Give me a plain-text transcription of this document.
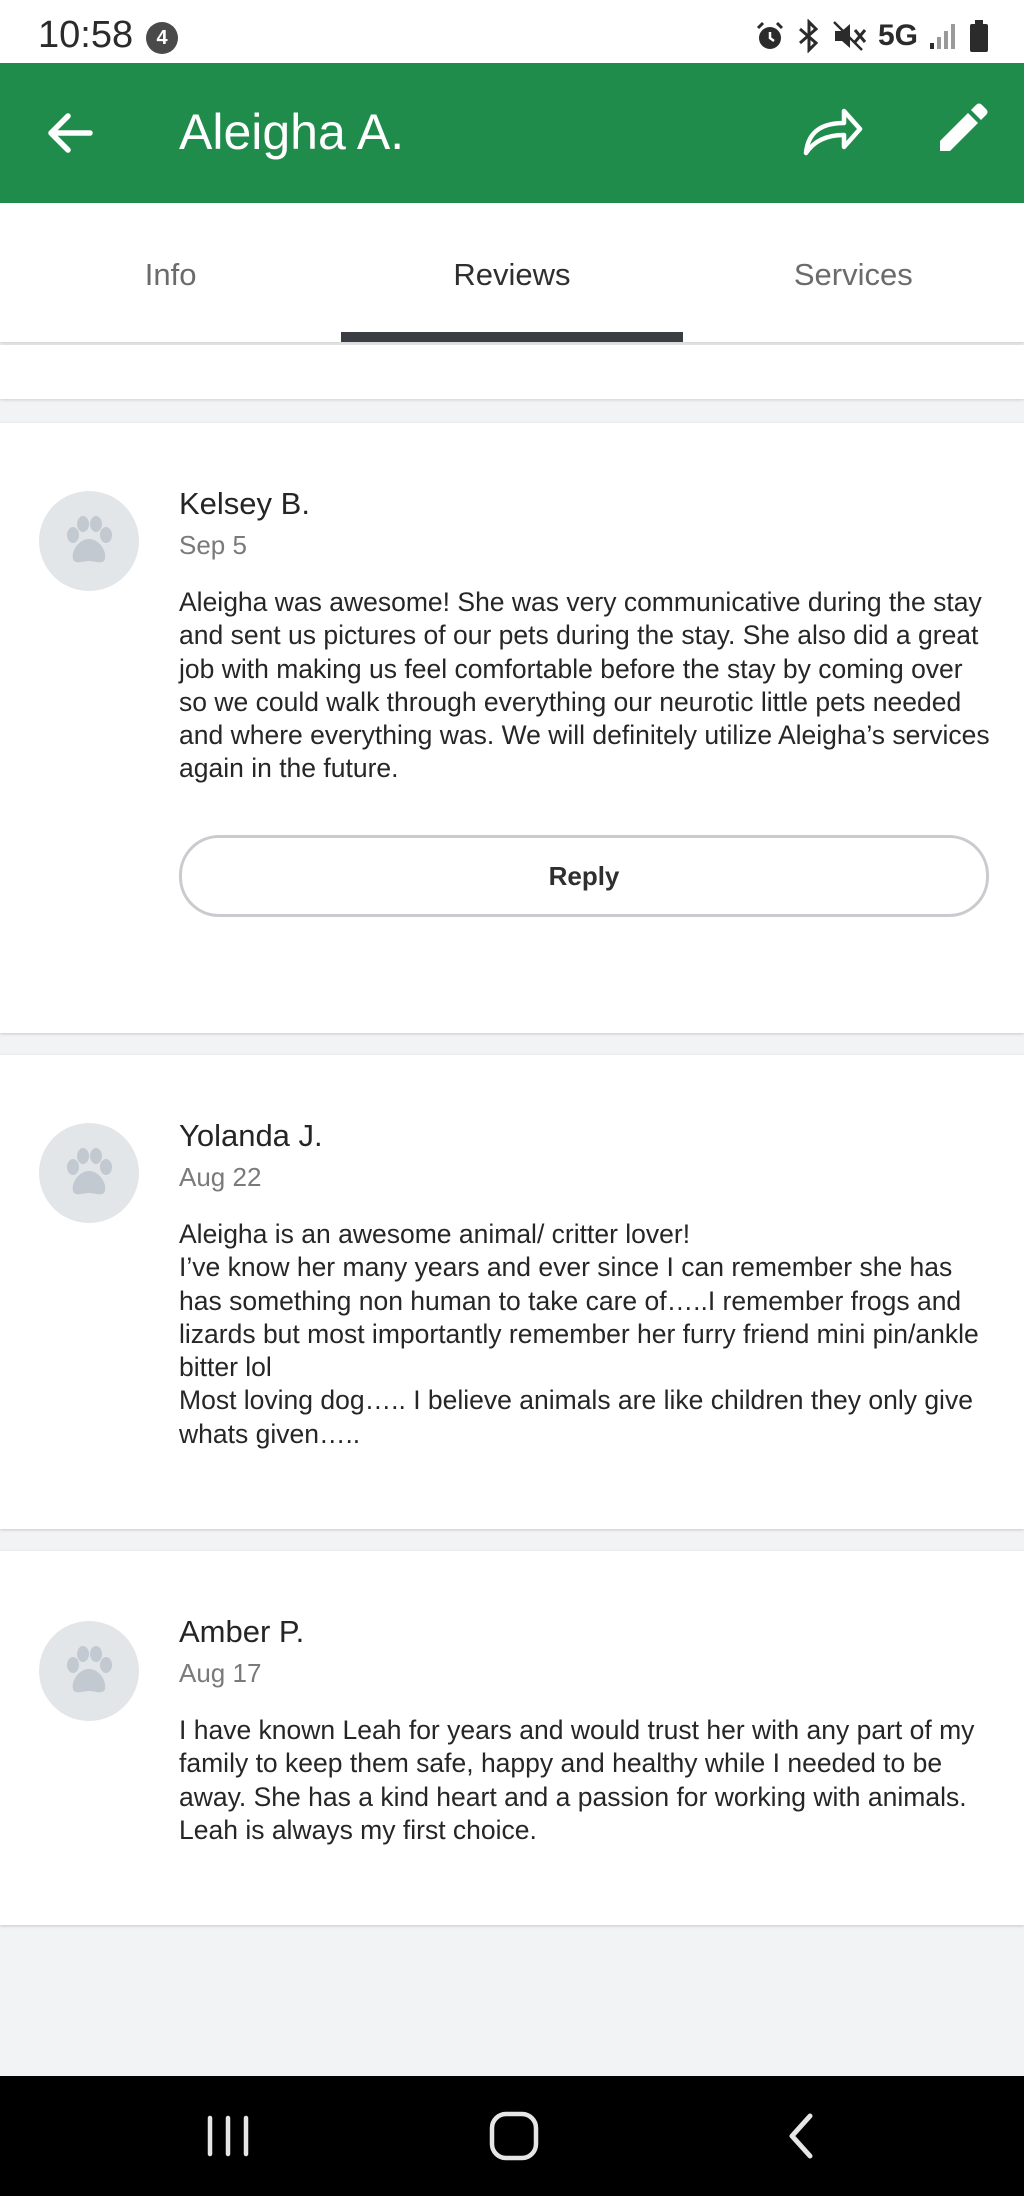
10:58	4	5G
Aleigha A.
Info	Reviews	Services
Kelsey B.
Sep 5
Aleigha was awesome! She was very communicative during the stay and sent us pictures of our pets during the stay. She also did a great job with making us feel comfortable before the stay by coming over so we could walk through everything our neurotic little pets needed and where everything was. We will definitely utilize Aleigha’s services again in the future.
Reply
Yolanda J.
Aug 22
Aleigha is an awesome animal/ critter lover!
I’ve know her many years and ever since I can remember she has has something non human to take care of…..I remember frogs and lizards but most importantly remember her furry friend mini pin/ankle bitter lol
Most loving dog….. I believe animals are like children they only give whats given…..
Amber P.
Aug 17
I have known Leah for years and would trust her with any part of my family to keep them safe, happy and healthy while I needed to be away. She has a kind heart and a passion for working with animals. Leah is always my first choice.
